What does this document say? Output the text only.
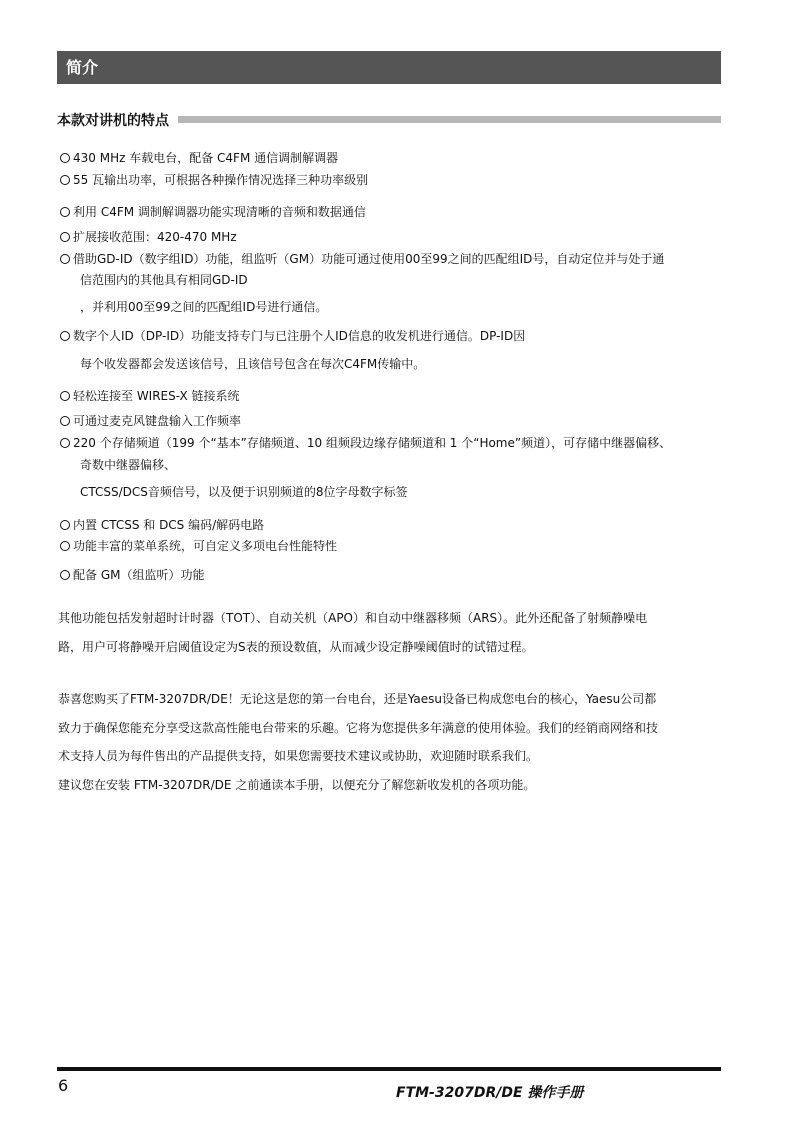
简介
本款对讲机的特点
430 MHz 车载电台，配备 C4FM 通信调制解调器
55 瓦输出功率，可根据各种操作情况选择三种功率级别
利用 C4FM 调制解调器功能实现清晰的音频和数据通信
扩展接收范围：420-470 MHz
借助GD-ID（数字组ID）功能，组监听（GM）功能可通过使用00至99之间的匹配组ID号，自动定位并与处于通
信范围内的其他具有相同GD-ID
，并利用00至99之间的匹配组ID号进行通信。
数字个人ID（DP-ID）功能支持专门与已注册个人ID信息的收发机进行通信。DP-ID因
每个收发器都会发送该信号，且该信号包含在每次C4FM传输中。
轻松连接至 WIRES-X 链接系统
可通过麦克风键盘输入工作频率
220 个存储频道（199 个“基本”存储频道、10 组频段边缘存储频道和 1 个“Home”频道），可存储中继器偏移、
奇数中继器偏移、
CTCSS/DCS音频信号，以及便于识别频道的8位字母数字标签
内置 CTCSS 和 DCS 编码/解码电路
功能丰富的菜单系统，可自定义多项电台性能特性
配备 GM（组监听）功能
其他功能包括发射超时计时器（TOT）、自动关机（APO）和自动中继器移频（ARS）。此外还配备了射频静噪电
路，用户可将静噪开启阈值设定为S表的预设数值，从而减少设定静噪阈值时的试错过程。
恭喜您购买了FTM-3207DR/DE！无论这是您的第一台电台，还是Yaesu设备已构成您电台的核心，Yaesu公司都
致力于确保您能充分享受这款高性能电台带来的乐趣。它将为您提供多年满意的使用体验。我们的经销商网络和技
术支持人员为每件售出的产品提供支持，如果您需要技术建议或协助，欢迎随时联系我们。
建议您在安装 FTM-3207DR/DE 之前通读本手册，以便充分了解您新收发机的各项功能。
6	FTM-3207DR/DE 操作手册
